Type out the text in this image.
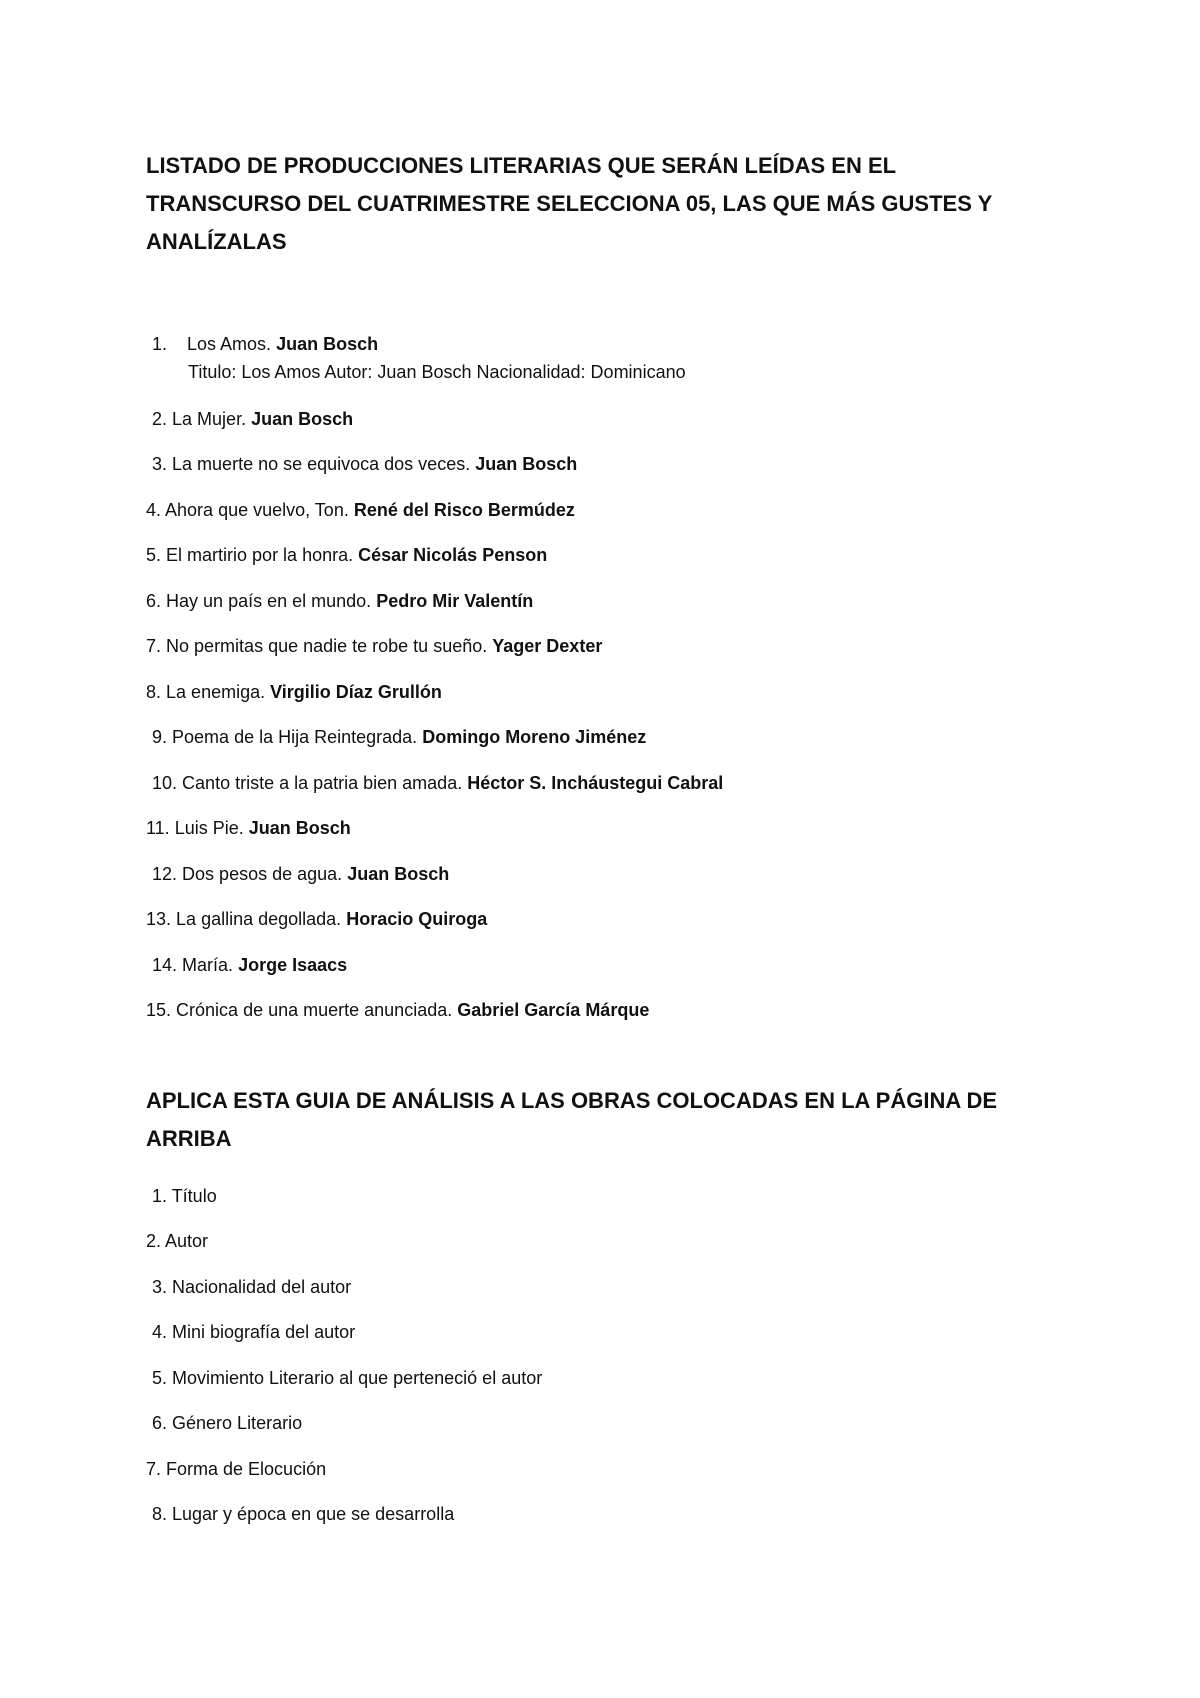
LISTADO DE PRODUCCIONES LITERARIAS QUE SERÁN LEÍDAS EN EL TRANSCURSO DEL CUATRIMESTRE SELECCIONA 05, LAS QUE MÁS GUSTES Y ANALÍZALAS
1. Los Amos. Juan Bosch
Titulo: Los Amos Autor: Juan Bosch Nacionalidad: Dominicano
2. La Mujer. Juan Bosch
3. La muerte no se equivoca dos veces. Juan Bosch
4. Ahora que vuelvo, Ton. René del Risco Bermúdez
5. El martirio por la honra. César Nicolás Penson
6. Hay un país en el mundo. Pedro Mir Valentín
7. No permitas que nadie te robe tu sueño. Yager Dexter
8. La enemiga. Virgilio Díaz Grullón
9. Poema de la Hija Reintegrada. Domingo Moreno Jiménez
10. Canto triste a la patria bien amada. Héctor S. Incháustegui Cabral
11. Luis Pie. Juan Bosch
12. Dos pesos de agua. Juan Bosch
13. La gallina degollada. Horacio Quiroga
14. María. Jorge Isaacs
15. Crónica de una muerte anunciada. Gabriel García Márque
APLICA ESTA GUIA DE ANÁLISIS A LAS OBRAS COLOCADAS EN LA PÁGINA DE ARRIBA
1. Título
2. Autor
3. Nacionalidad del autor
4. Mini biografía del autor
5. Movimiento Literario al que perteneció el autor
6. Género Literario
7. Forma de Elocución
8. Lugar y época en que se desarrolla
